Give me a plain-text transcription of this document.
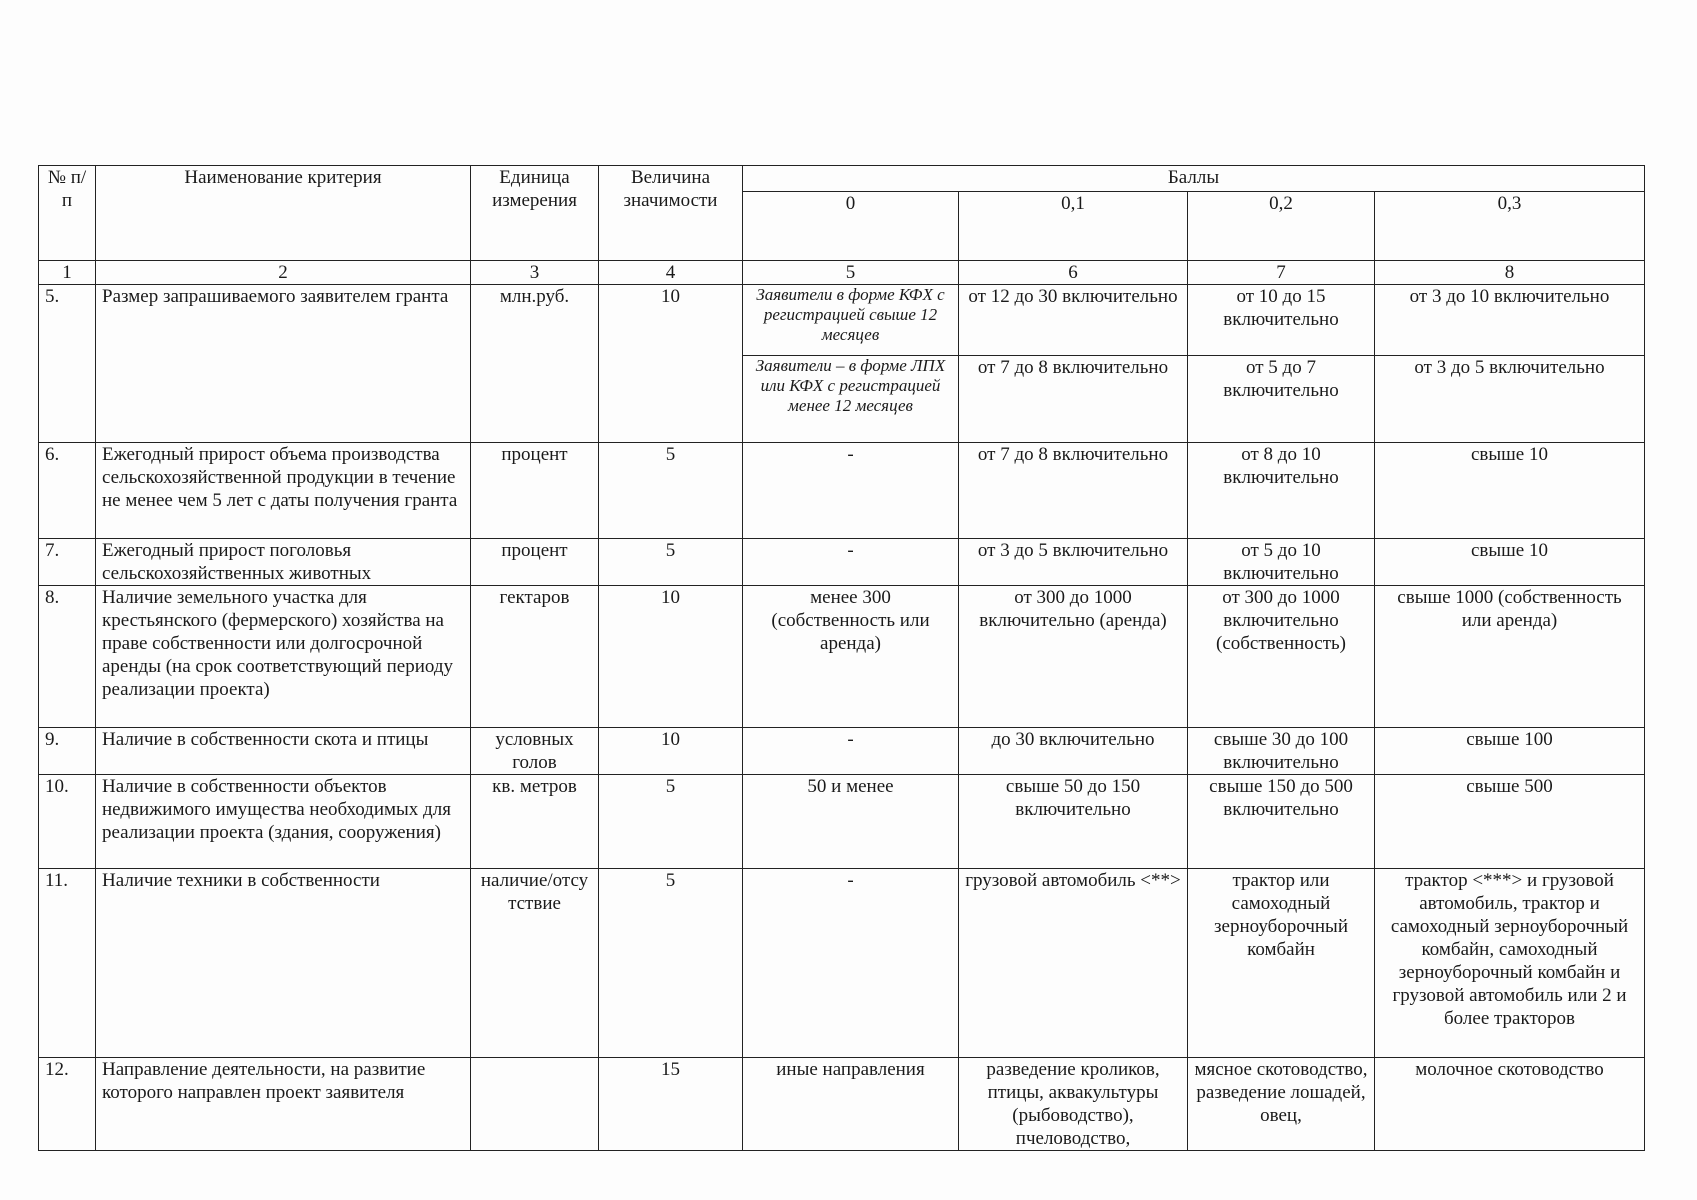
№ п/п	Наименование критерия	Единица измерения	Величина значимости	Баллы			
				0	0,1	0,2	0,3
1	2	3	4	5	6	7	8
5.	Размер запрашиваемого заявителем гранта	млн.руб.	10	Заявители в форме КФХ с регистрацией свыше 12 месяцев	от 12 до 30 включительно	от 10 до 15 включительно	от 3 до 10 включительно
				Заявители – в форме ЛПХ или КФХ с регистрацией менее 12 месяцев	от 7 до 8 включительно	от 5 до 7 включительно	от 3 до 5 включительно
6.	Ежегодный прирост объема производства сельскохозяйственной продукции в течение не менее чем 5 лет с даты получения гранта	процент	5	-	от 7 до 8 включительно	от 8 до 10 включительно	свыше 10
7.	Ежегодный прирост поголовья сельскохозяйственных животных	процент	5	-	от 3 до 5 включительно	от 5 до 10 включительно	свыше 10
8.	Наличие земельного участка для крестьянского (фермерского) хозяйства на праве собственности или долгосрочной аренды (на срок соответствующий периоду реализации проекта)	гектаров	10	менее 300 (собственность или аренда)	от 300 до 1000 включительно (аренда)	от 300 до 1000 включительно (собственность)	свыше 1000 (собственность или аренда)
9.	Наличие в собственности скота и птицы	условных голов	10	-	до 30 включительно	свыше 30 до 100 включительно	свыше 100
10.	Наличие в собственности объектов недвижимого имущества необходимых для реализации проекта (здания, сооружения)	кв. метров	5	50 и менее	свыше 50 до 150 включительно	свыше 150 до 500 включительно	свыше 500
11.	Наличие техники в собственности	наличие/отсутствие	5	-	грузовой автомобиль <**>	трактор или самоходный зерноуборочный комбайн	трактор <***> и грузовой автомобиль, трактор и самоходный зерноуборочный комбайн, самоходный зерноуборочный комбайн и грузовой автомобиль или 2 и более тракторов
12.	Направление деятельности, на развитие которого направлен проект заявителя		15	иные направления	разведение кроликов, птицы, аквакультуры (рыбоводство), пчеловодство,	мясное скотоводство, разведение лошадей, овец,	молочное скотоводство
